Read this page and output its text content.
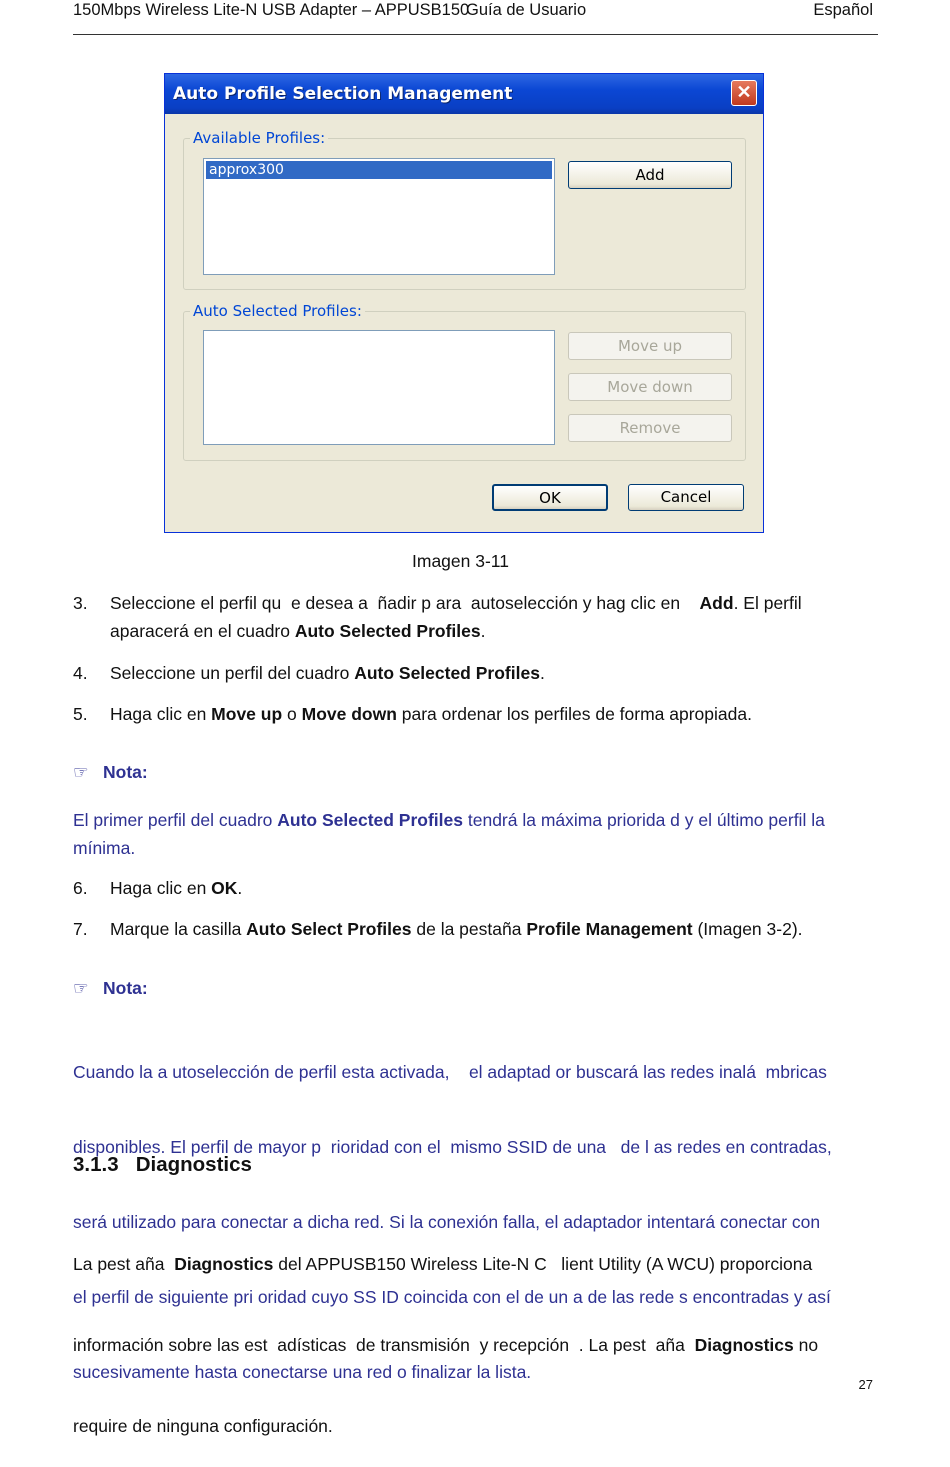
150Mbps Wireless Lite-N USB Adapter – APPUSB150
Guía de Usuario	Español
Auto Profile Selection Management	✕
Available Profiles:
approx300	Add
Auto Selected Profiles:
Move up
Move down
Remove
OK	Cancel
Imagen 3-11
3. Seleccione el perfil qu  e desea a  ñadir p ara  autoselección y hag clic en    Add. El perfil
aparacerá en el cuadro Auto Selected Profiles.
4. Seleccione un perfil del cuadro Auto Selected Profiles.
5. Haga clic en Move up o Move down para ordenar los perfiles de forma apropiada.
☞ Nota:
El primer perfil del cuadro Auto Selected Profiles tendrá la máxima priorida d y el último perfil la mínima.
6. Haga clic en OK.
7. Marque la casilla Auto Select Profiles de la pestaña Profile Management (Imagen 3-2).
☞ Nota:

Cuando la a utoselección de perfil esta activada,    el adaptad or buscará las redes inalá  mbricas

disponibles. El perfil de mayor p  rioridad con el  mismo SSID de una   de l as redes en contradas,

será utilizado para conectar a dicha red. Si la conexión falla, el adaptador intentará conectar con

el perfil de siguiente pri oridad cuyo SS ID coincida con el de un a de las rede s encontradas y así

sucesivamente hasta conectarse una red o finalizar la lista.

3.1.3 Diagnostics

La pest aña  Diagnostics del APPUSB150 Wireless Lite-N C   lient Utility (A WCU) proporciona

información sobre las est  adísticas  de transmisión  y recepción  . La pest  aña  Diagnostics no

require de ninguna configuración.

27
